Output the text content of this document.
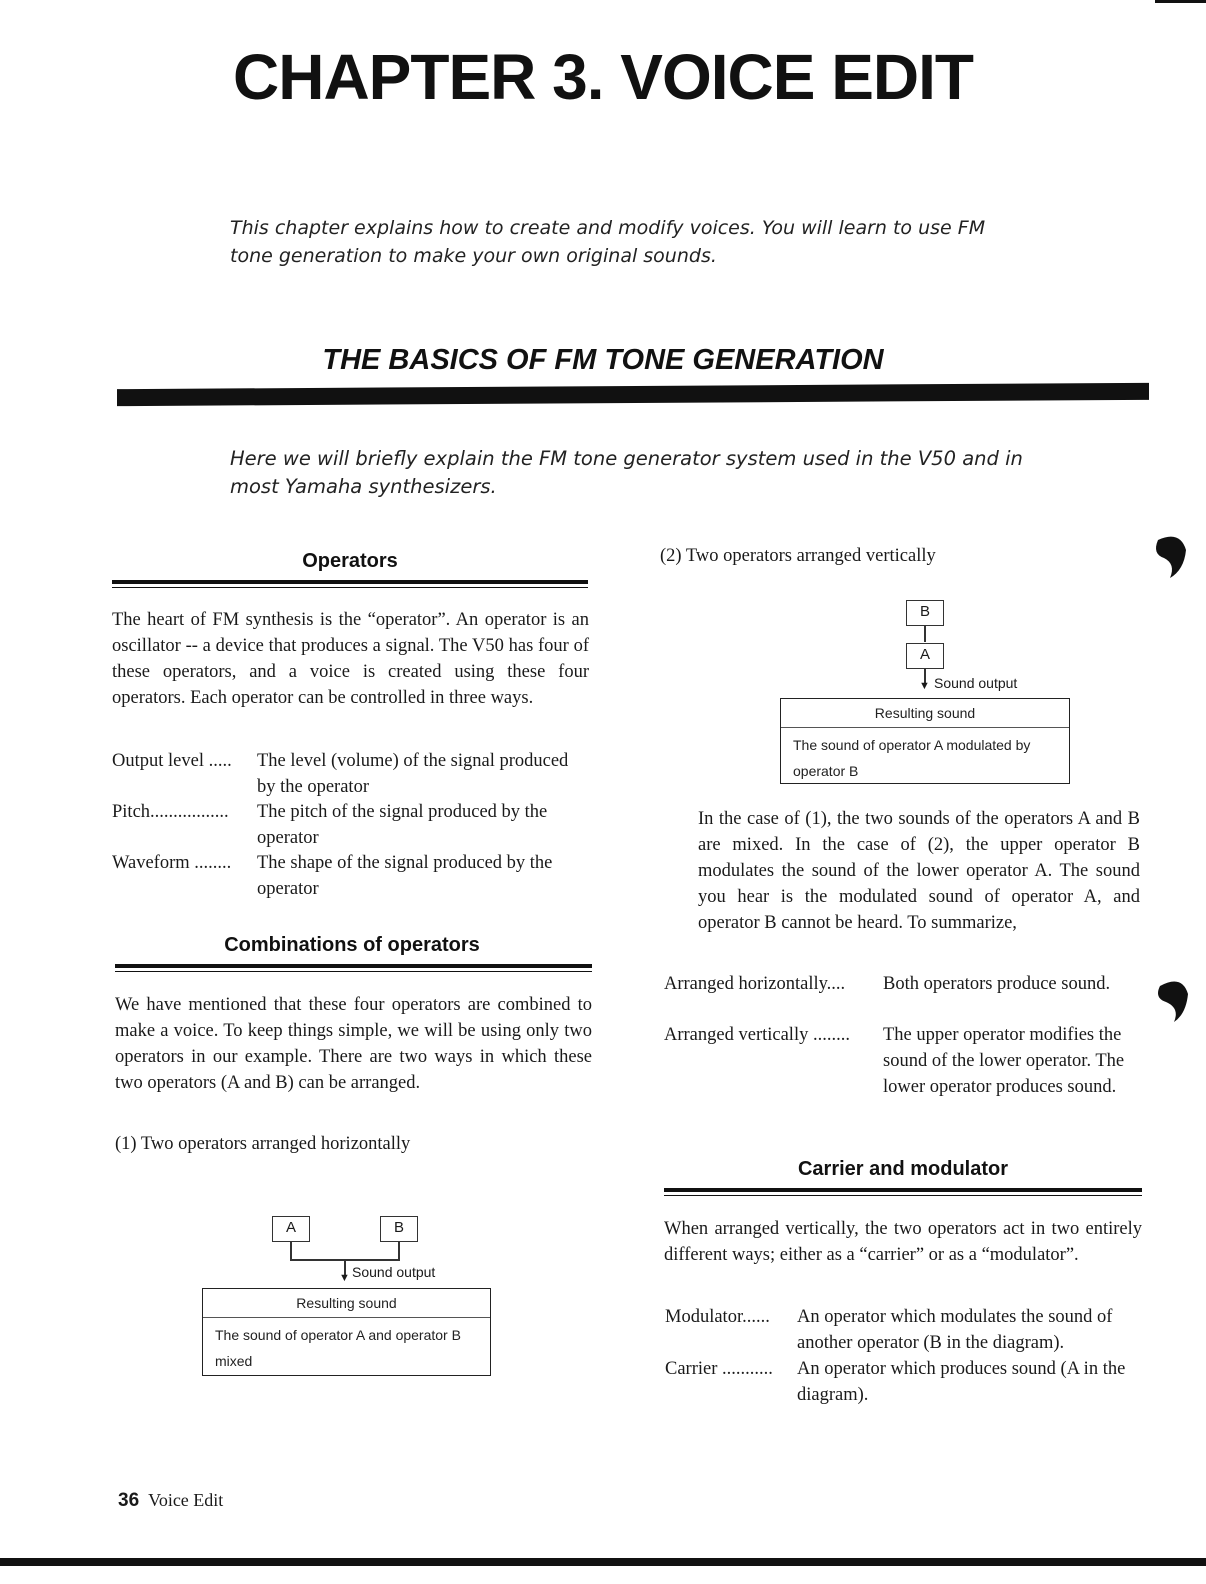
CHAPTER 3. VOICE EDIT
This chapter explains how to create and modify voices. You will learn to use FM tone generation to make your own original sounds.
THE BASICS OF FM TONE GENERATION
Here we will briefly explain the FM tone generator system used in the V50 and in most Yamaha synthesizers.
Operators
The heart of FM synthesis is the “operator”. An operator is an oscillator -- a device that produces a signal. The V50 has four of these operators, and a voice is created using these four operators. Each operator can be controlled in three ways.
Output level ..... The level (volume) of the signal produced by the operator
Pitch................. The pitch of the signal produced by the operator
Waveform ........ The shape of the signal produced by the operator
Combinations of operators
We have mentioned that these four operators are combined to make a voice. To keep things simple, we will be using only two operators in our example. There are two ways in which these two operators (A and B) can be arranged.
(1) Two operators arranged horizontally
A	B
▼ Sound output
Resulting sound
The sound of operator A and operator B mixed
(2) Two operators arranged vertically
B
A
▼ Sound output
Resulting sound
The sound of operator A modulated by operator B
In the case of (1), the two sounds of the operators A and B are mixed. In the case of (2), the upper operator B modulates the sound of the lower operator A. The sound you hear is the modulated sound of operator A, and operator B cannot be heard. To summarize,
Arranged horizontally.... Both operators produce sound.
Arranged vertically ........ The upper operator modifies the sound of the lower operator. The lower operator produces sound.
Carrier and modulator
When arranged vertically, the two operators act in two entirely different ways; either as a “carrier” or as a “modulator”.
Modulator...... An operator which modulates the sound of another operator (B in the diagram).
Carrier ........... An operator which produces sound (A in the diagram).
36 Voice Edit
